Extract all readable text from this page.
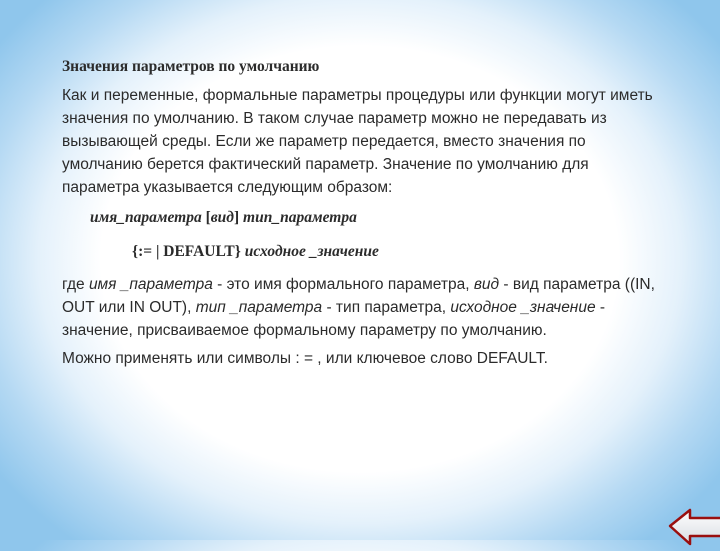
Значения параметров по умолчанию

Как и переменные, формальные параметры процедуры или функции могут иметь значения по умолчанию. В таком случае параметр можно не передавать из вызывающей среды. Если же параметр передается, вместо значения по умолчанию берется фактический параметр. Значение по умолчанию для параметра указывается следующим образом:

имя_параметра [вид] тип_параметра
{:= | DEFAULT} исходное _значение

где имя _параметра - это имя формального параметра, вид - вид параметра ((IN, OUT или IN OUT), тип _параметра - тип параметра, исходное _значение - значение, присваиваемое формальному параметру по умолчанию.

Можно применять или символы : = , или ключевое слово DEFAULT.
